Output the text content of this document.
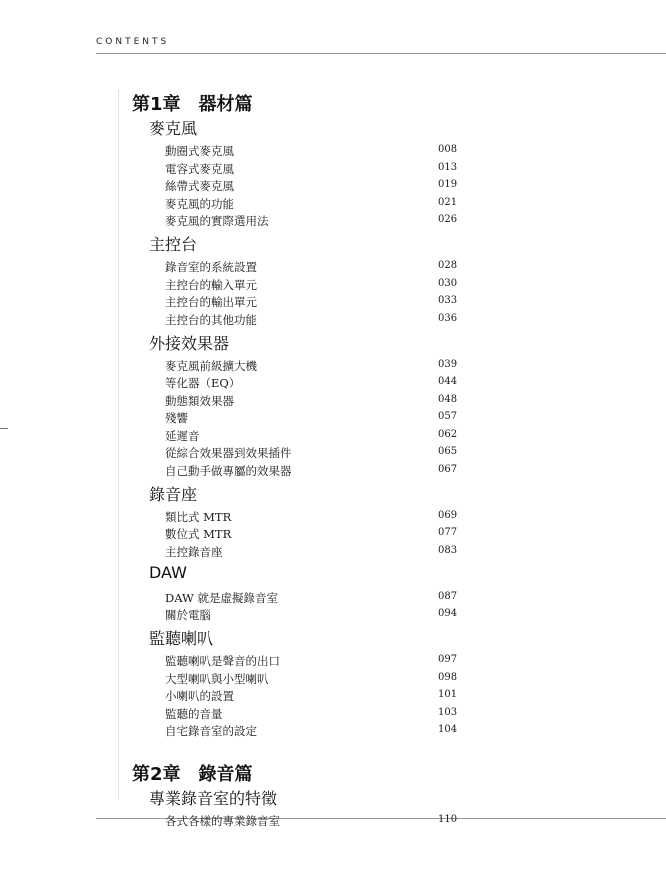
CONTENTS
第1章 器材篇
麥克風
動圈式麥克風	008
電容式麥克風	013
絲帶式麥克風	019
麥克風的功能	021
麥克風的實際選用法	026
主控台
錄音室的系統設置	028
主控台的輸入單元	030
主控台的輸出單元	033
主控台的其他功能	036
外接效果器
麥克風前級擴大機	039
等化器（EQ）	044
動態類效果器	048
殘響	057
延遲音	062
從綜合效果器到效果插件	065
自己動手做專屬的效果器	067
錄音座
類比式 MTR	069
數位式 MTR	077
主控錄音座	083
DAW
DAW 就是虛擬錄音室	087
關於電腦	094
監聽喇叭
監聽喇叭是聲音的出口	097
大型喇叭與小型喇叭	098
小喇叭的設置	101
監聽的音量	103
自宅錄音室的設定	104
第2章 錄音篇
專業錄音室的特徵
各式各樣的專業錄音室	110
